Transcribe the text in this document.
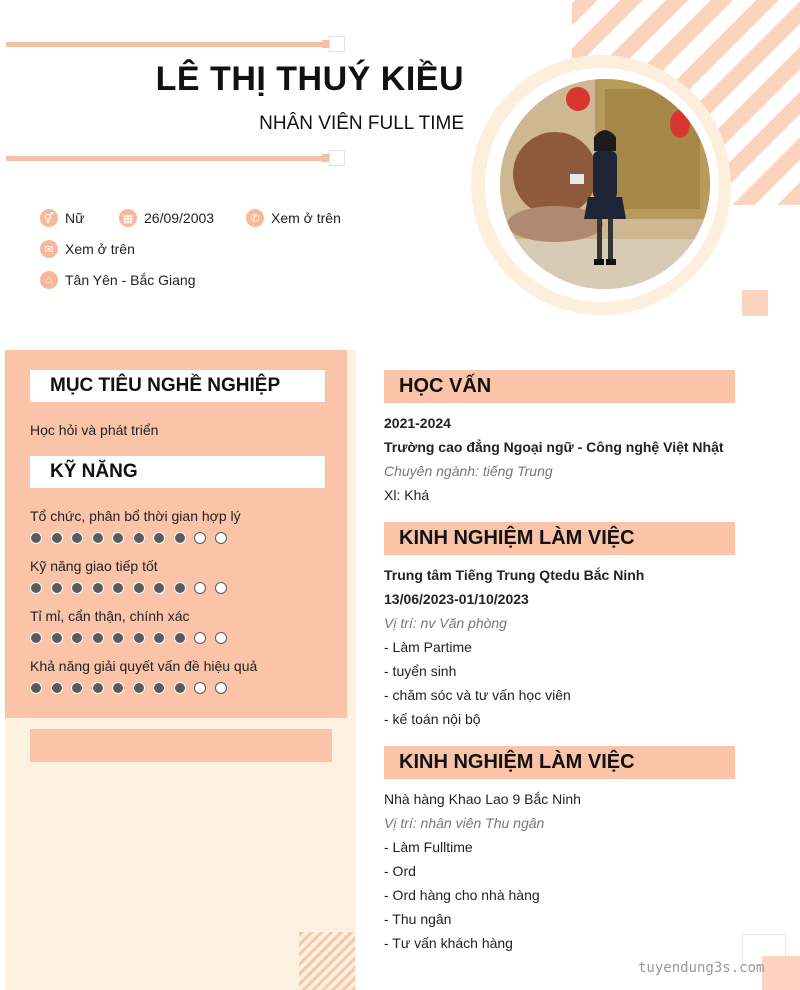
LÊ THỊ THUÝ KIỀU
NHÂN VIÊN FULL TIME
⚥ Nữ	▦ 26/09/2003	✆ Xem ở trên
✉ Xem ở trên
⌂ Tân Yên - Bắc Giang
MỤC TIÊU NGHỀ NGHIỆP
Học hỏi và phát triển
KỸ NĂNG
Tổ chức, phân bổ thời gian hợp lý
Kỹ năng giao tiếp tốt
Tỉ mỉ, cẩn thận, chính xác
Khả năng giải quyết vấn đề hiệu quả
HỌC VẤN
2021-2024
Trường cao đẳng Ngoại ngữ - Công nghệ Việt Nhật
Chuyên ngành: tiếng Trung
Xl: Khá
KINH NGHIỆM LÀM VIỆC
Trung tâm Tiếng Trung Qtedu Bắc Ninh
13/06/2023-01/10/2023
Vị trí: nv Văn phòng
- Làm Partime
- tuyển sinh
- chăm sóc và tư vấn học viên
- kế toán nội bộ
KINH NGHIỆM LÀM VIỆC
Nhà hàng Khao Lao 9 Bắc Ninh
Vị trí: nhân viên Thu ngân
- Làm Fulltime
- Ord
- Ord hàng cho nhà hàng
- Thu ngân
- Tư vấn khách hàng
tuyendung3s.com
